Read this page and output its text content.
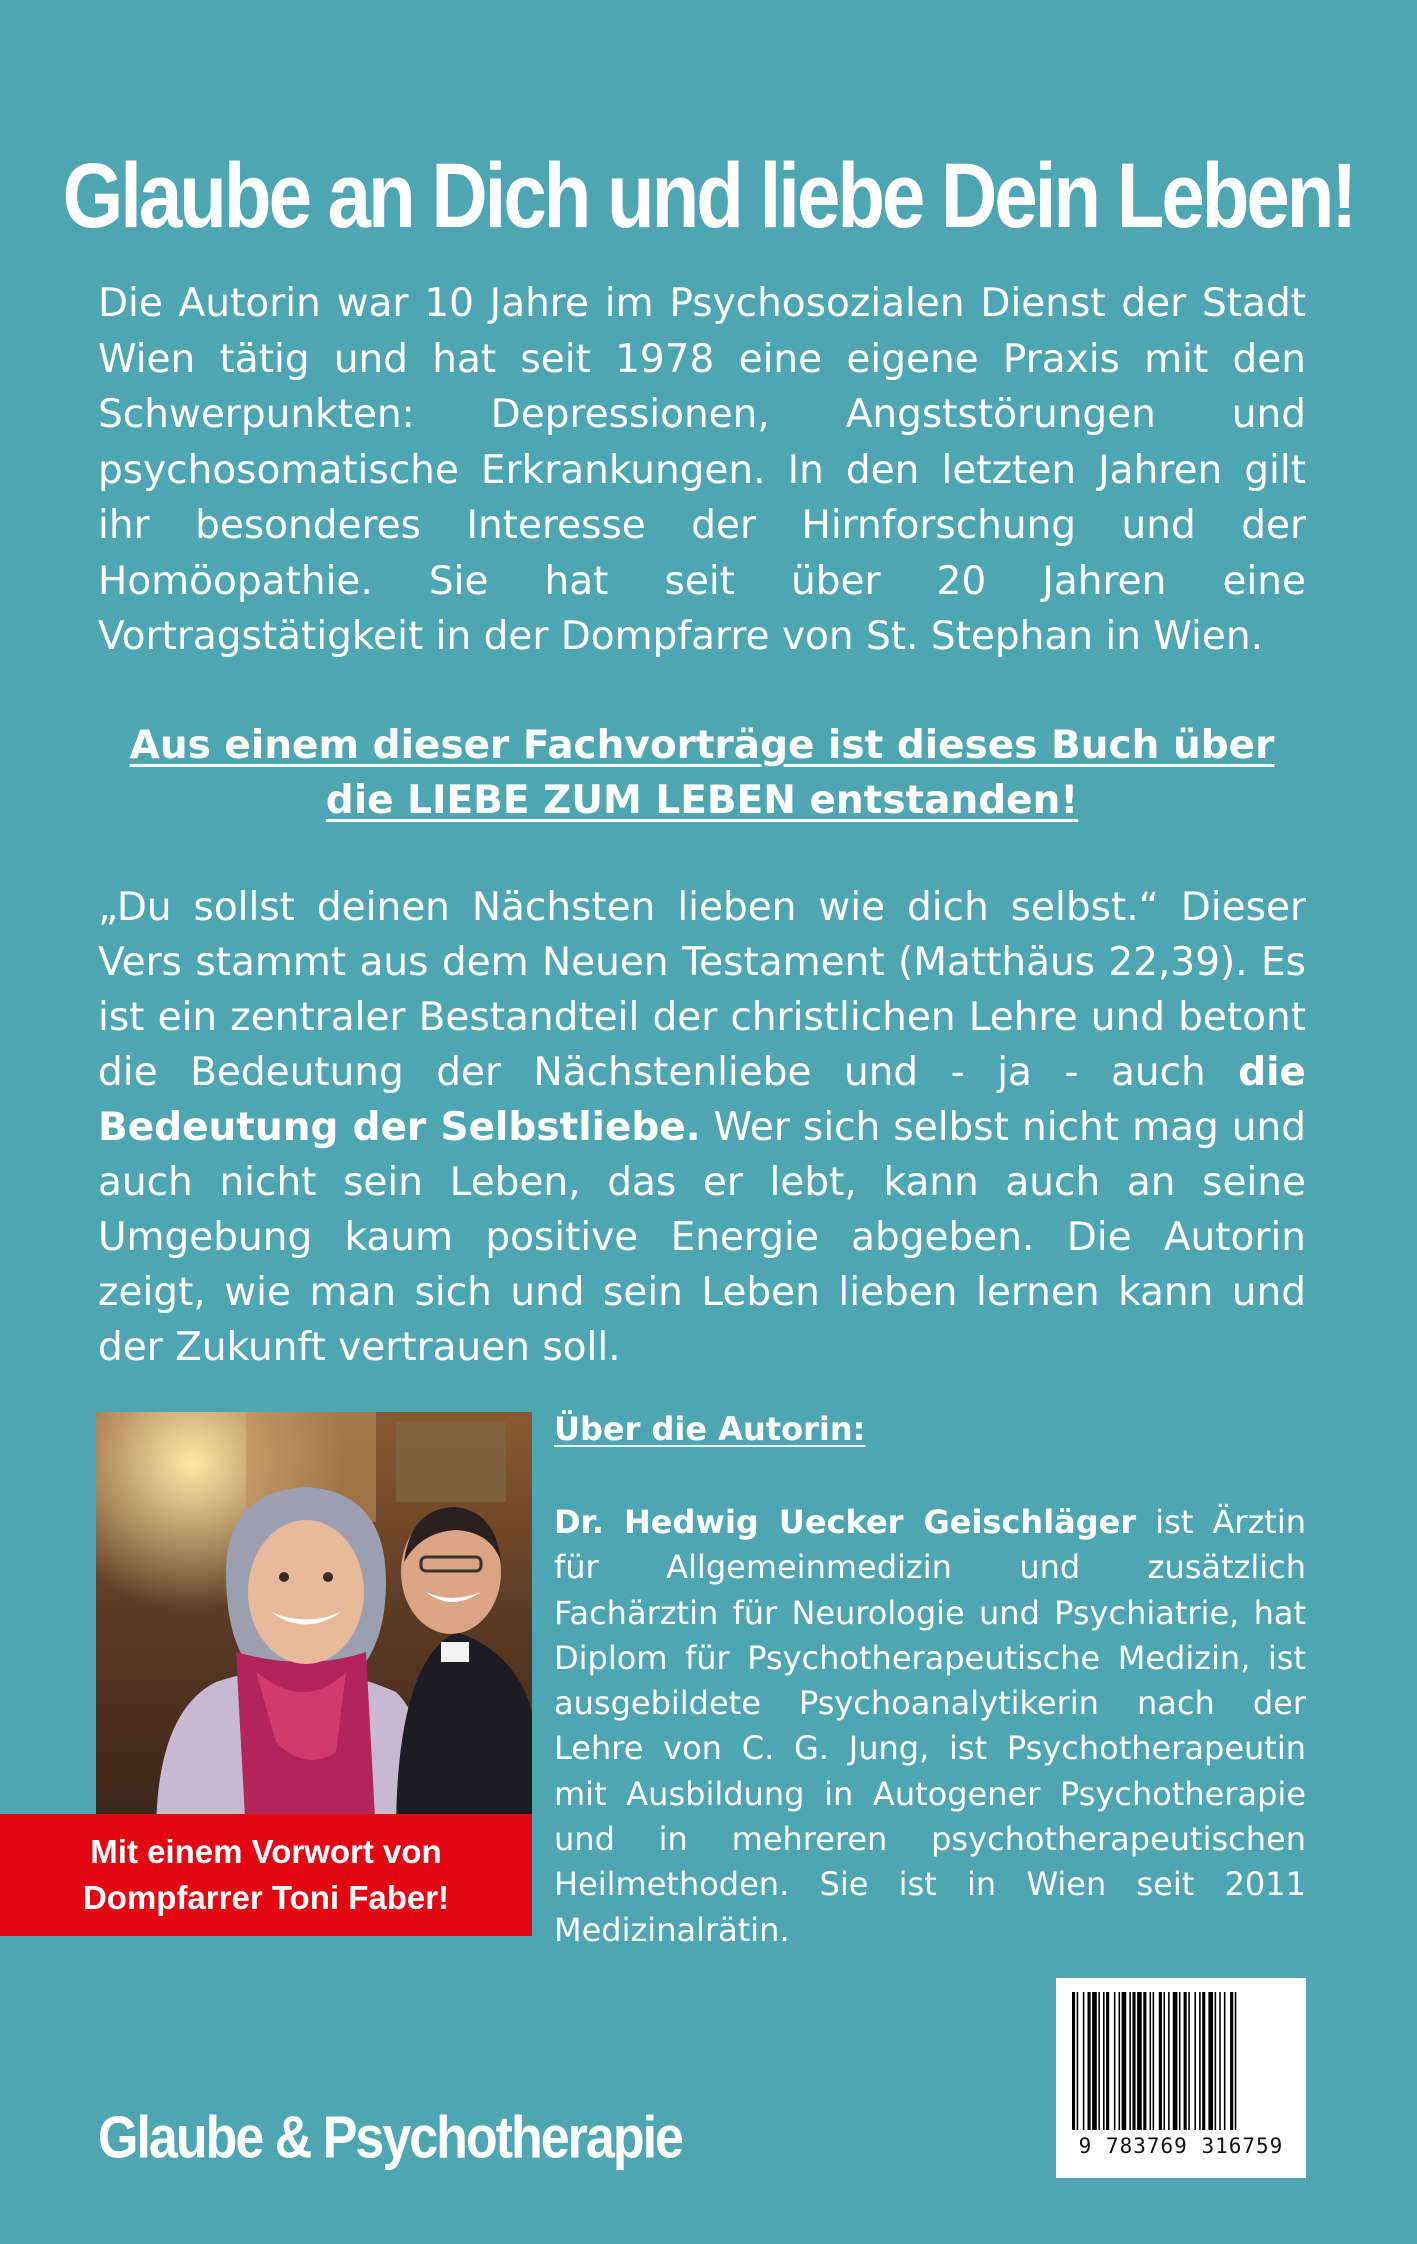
Glaube an Dich und liebe Dein Leben!

Die Autorin war 10 Jahre im Psychosozialen Dienst der Stadt Wien tätig und hat seit 1978 eine eigene Praxis mit den Schwerpunkten: Depressionen, Angststörungen und psychosomatische Erkrankungen. In den letzten Jahren gilt ihr besonderes Interesse der Hirnforschung und der Homöopathie. Sie hat seit über 20 Jahren eine Vortragstätigkeit in der Dompfarre von St. Stephan in Wien.

Aus einem dieser Fachvorträge ist dieses Buch über
die LIEBE ZUM LEBEN entstanden!

„Du sollst deinen Nächsten lieben wie dich selbst.“ Dieser Vers stammt aus dem Neuen Testament (Matthäus 22,39). Es ist ein zentraler Bestandteil der christlichen Lehre und betont die Bedeutung der Nächstenliebe und - ja - auch die Bedeutung der Selbstliebe. Wer sich selbst nicht mag und auch nicht sein Leben, das er lebt, kann auch an seine Umgebung kaum positive Energie abgeben. Die Autorin zeigt, wie man sich und sein Leben lieben lernen kann und der Zukunft vertrauen soll.

Mit einem Vorwort von
Dompfarrer Toni Faber!
Über die Autorin:

Dr. Hedwig Uecker Geischläger ist Ärztin für Allgemeinmedizin und zusätzlich Fachärztin für Neurologie und Psychiatrie, hat Diplom für Psychotherapeutische Medizin, ist ausgebildete Psychoanalytikerin nach der Lehre von C. G. Jung, ist Psychotherapeutin mit Ausbildung in Autogener Psychotherapie und in mehreren psychotherapeutischen Heilmethoden. Sie ist in Wien seit 2011 Medizinalrätin.

9 783769 316759
Glaube & Psychotherapie
